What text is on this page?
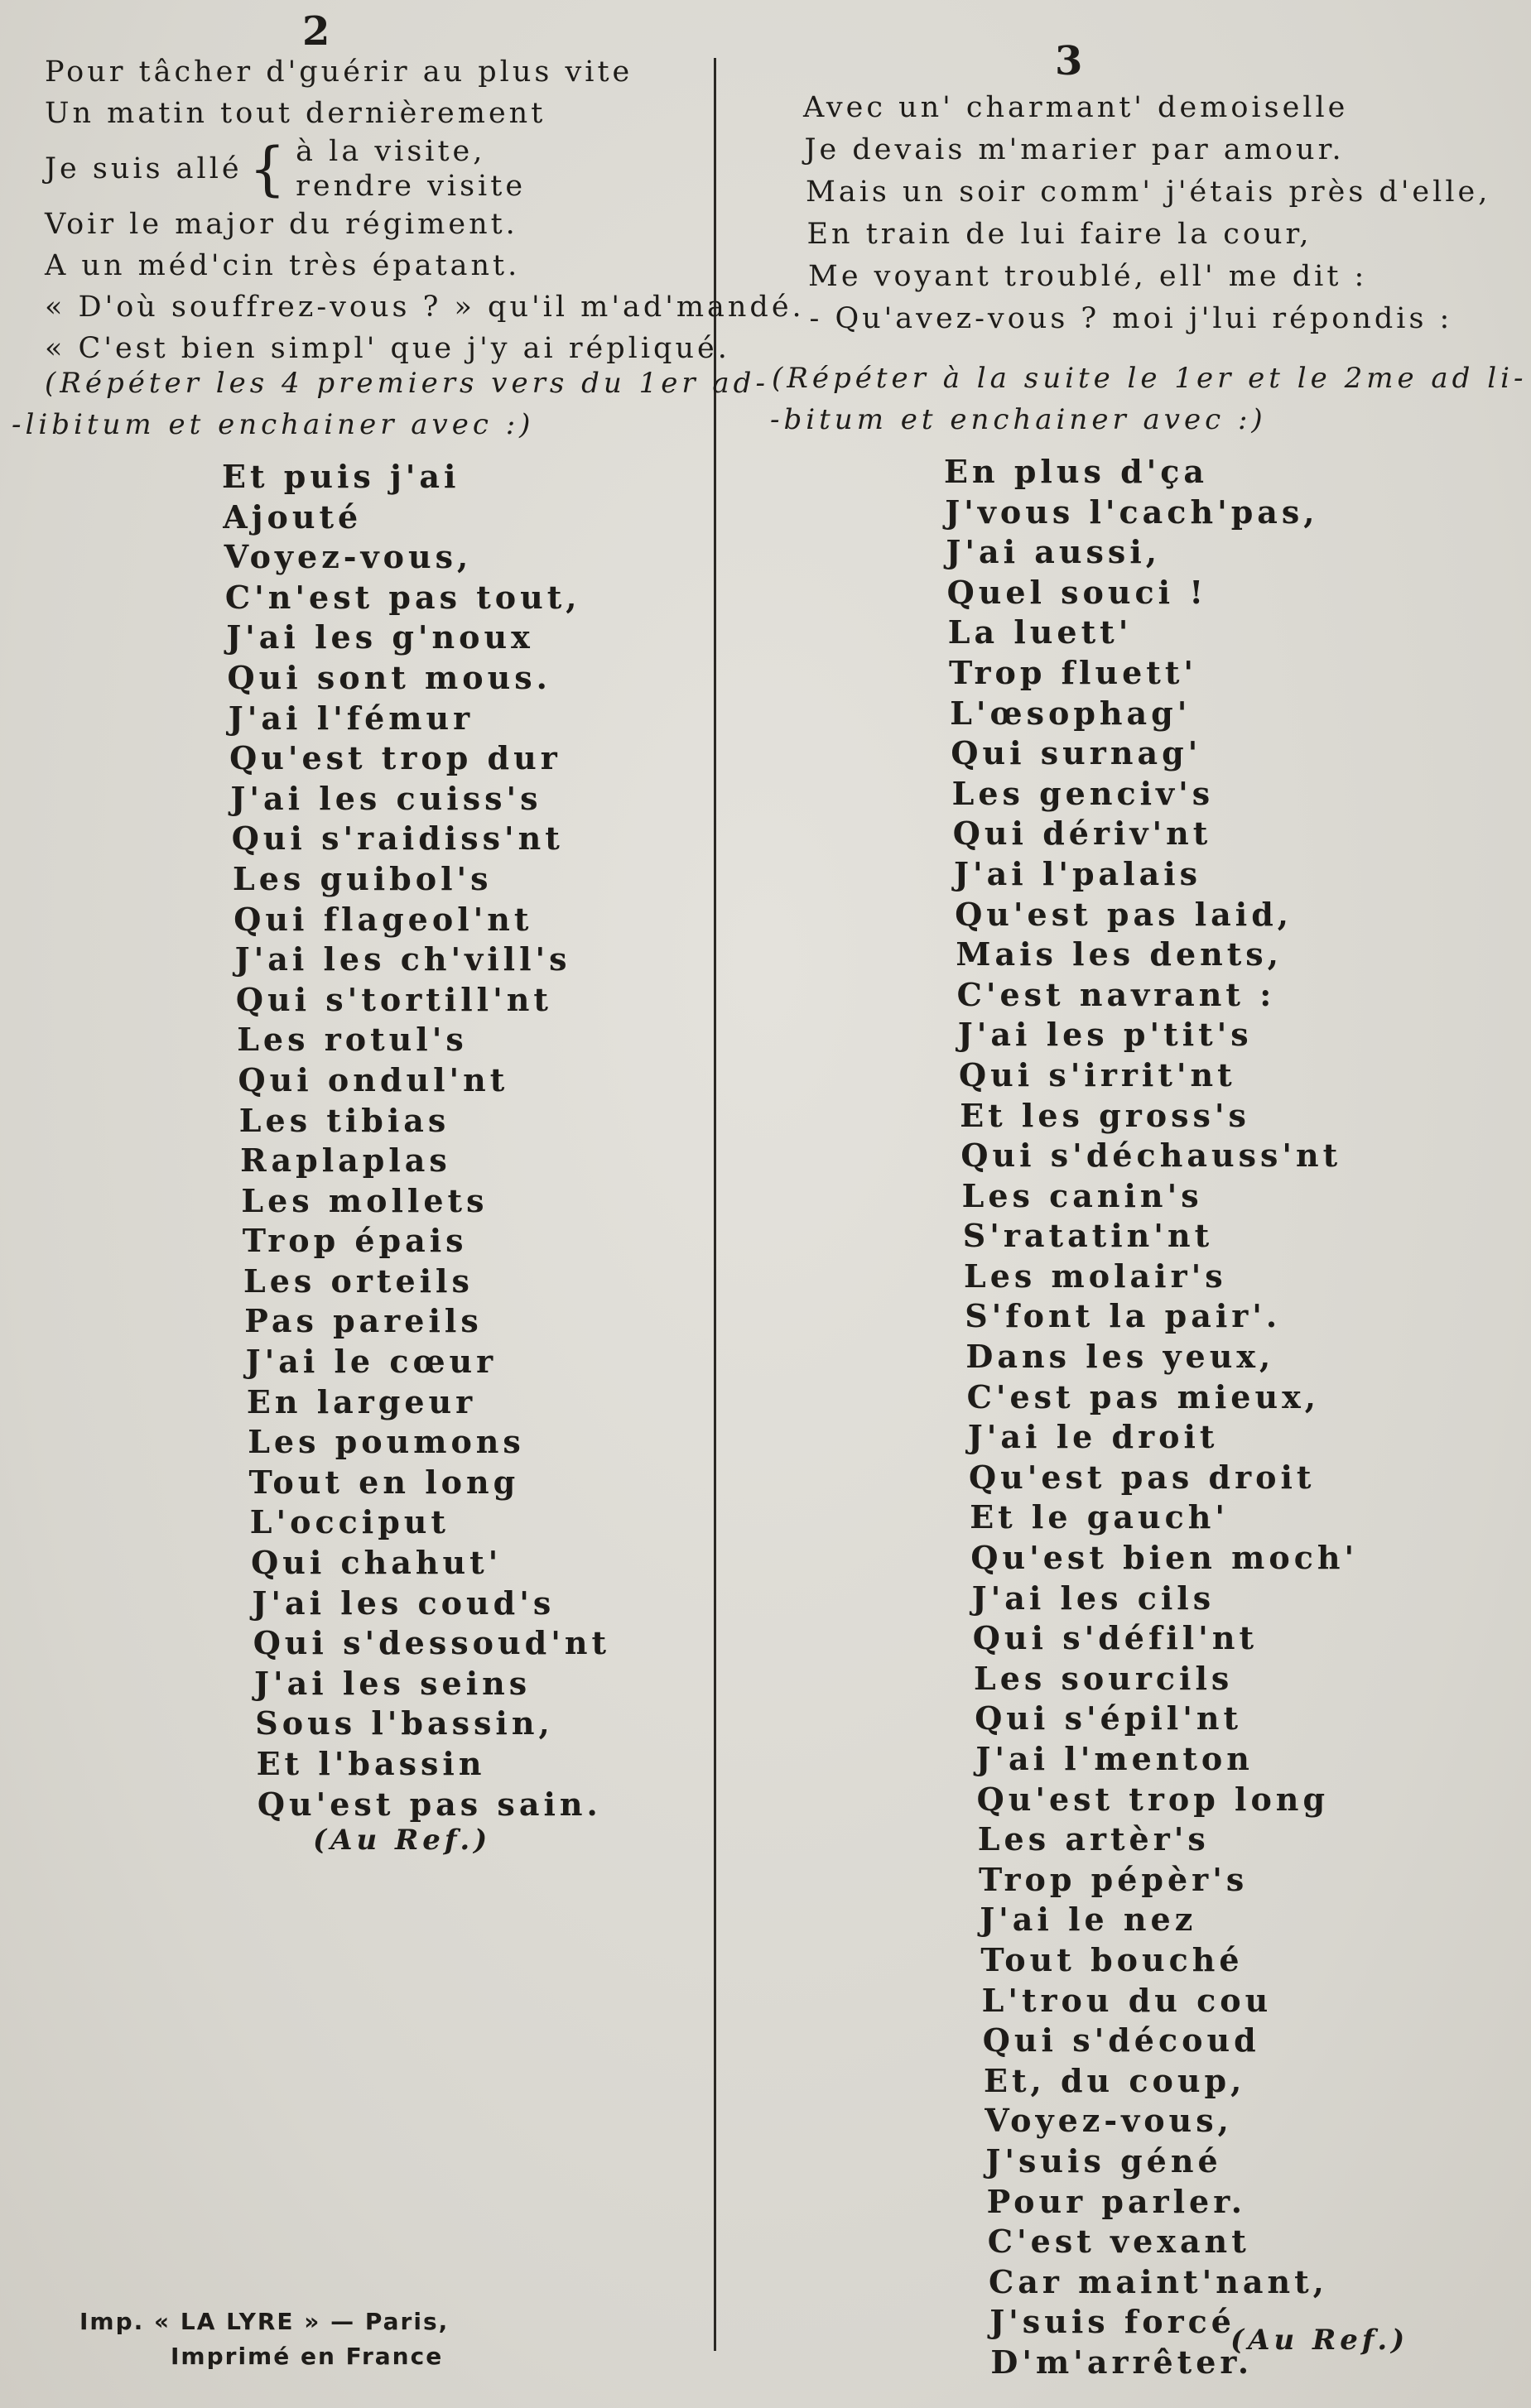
2
Pour tâcher d'guérir au plus vite
Un matin tout dernièrement
Je suis allé { à la visite,
rendre visite
Voir le major du régiment.
A un méd'cin très épatant.
« D'où souffrez-vous ? » qu'il m'ad'mandé.
« C'est bien simpl' que j'y ai répliqué.
(Répéter les 4 premiers vers du 1er ad-
-libitum et enchainer avec :)
Et puis j'ai
Ajouté
Voyez-vous,
C'n'est pas tout,
J'ai les g'noux
Qui sont mous.
J'ai l'fémur
Qu'est trop dur
J'ai les cuiss's
Qui s'raidiss'nt
Les guibol's
Qui flageol'nt
J'ai les ch'vill's
Qui s'tortill'nt
Les rotul's
Qui ondul'nt
Les tibias
Raplaplas
Les mollets
Trop épais
Les orteils
Pas pareils
J'ai le cœur
En largeur
Les poumons
Tout en long
L'occiput
Qui chahut'
J'ai les coud's
Qui s'dessoud'nt
J'ai les seins
Sous l'bassin,
Et l'bassin
Qu'est pas sain.
(Au Ref.)
3
Avec un' charmant' demoiselle
Je devais m'marier par amour.
Mais un soir comm' j'étais près d'elle,
En train de lui faire la cour,
Me voyant troublé, ell' me dit :
- Qu'avez-vous ? moi j'lui répondis :
(Répéter à la suite le 1er et le 2me ad li-
-bitum et enchainer avec :)
En plus d'ça
J'vous l'cach'pas,
J'ai aussi,
Quel souci !
La luett'
Trop fluett'
L'œsophag'
Qui surnag'
Les genciv's
Qui dériv'nt
J'ai l'palais
Qu'est pas laid,
Mais les dents,
C'est navrant :
J'ai les p'tit's
Qui s'irrit'nt
Et les gross's
Qui s'déchauss'nt
Les canin's
S'ratatin'nt
Les molair's
S'font la pair'.
Dans les yeux,
C'est pas mieux,
J'ai le droit
Qu'est pas droit
Et le gauch'
Qu'est bien moch'
J'ai les cils
Qui s'défil'nt
Les sourcils
Qui s'épil'nt
J'ai l'menton
Qu'est trop long
Les artèr's
Trop pépèr's
J'ai le nez
Tout bouché
L'trou du cou
Qui s'découd
Et, du coup,
Voyez-vous,
J'suis géné
Pour parler.
C'est vexant
Car maint'nant,
J'suis forcé
D'm'arrêter.
(Au Ref.)
Imp. « LA LYRE » — Paris,
Imprimé en France
